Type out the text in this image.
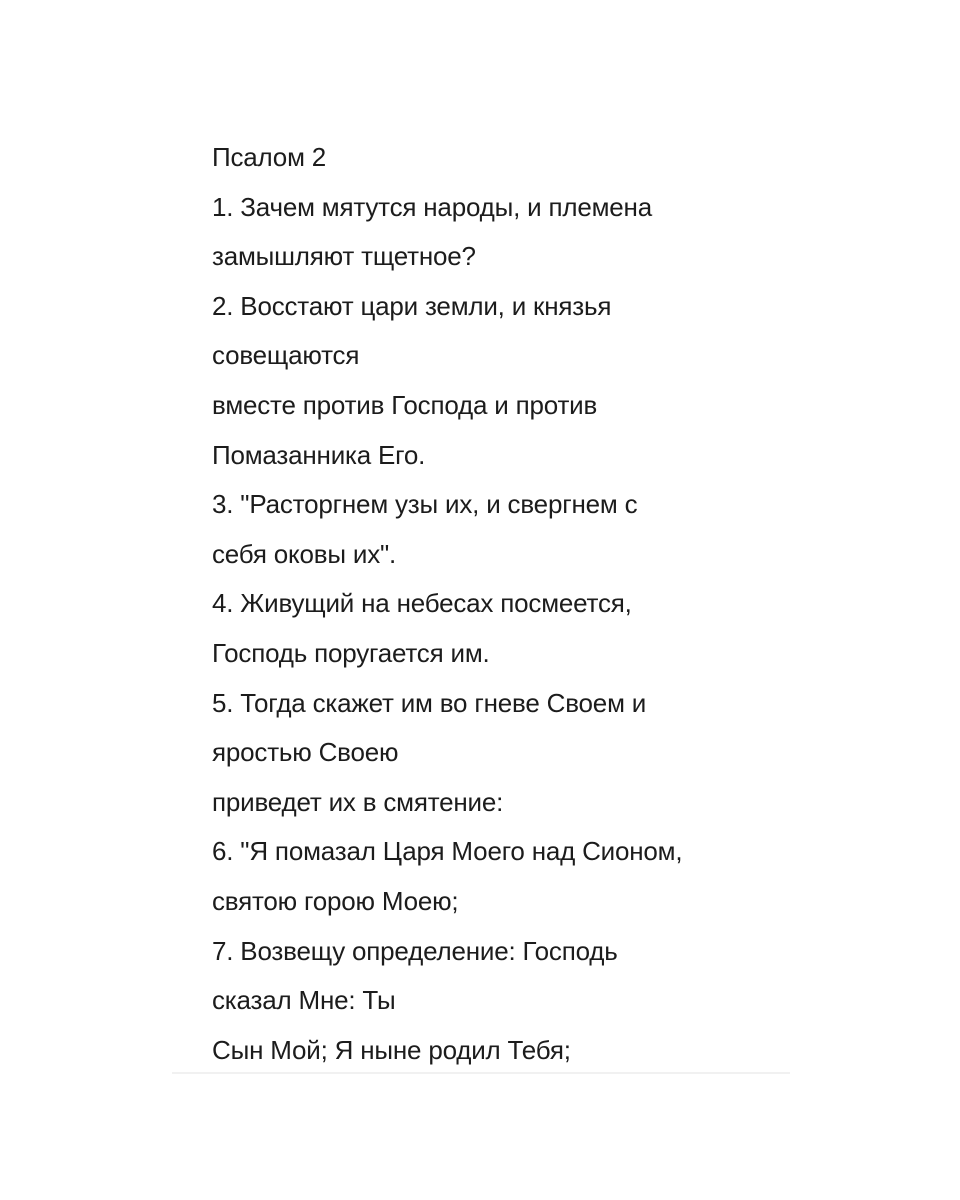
Псалом 2
1. Зачем мятутся народы, и племена
замышляют тщетное?
2. Восстают цари земли, и князья
совещаются
вместе против Господа и против
Помазанника Его.
3. "Расторгнем узы их, и свергнем с
себя оковы их".
4. Живущий на небесах посмеется,
Господь поругается им.
5. Тогда скажет им во гневе Своем и
яростью Своею
приведет их в смятение:
6. "Я помазал Царя Моего над Сионом,
святою горою Моею;
7. Возвещу определение: Господь
сказал Мне: Ты
Сын Мой; Я ныне родил Тебя;
